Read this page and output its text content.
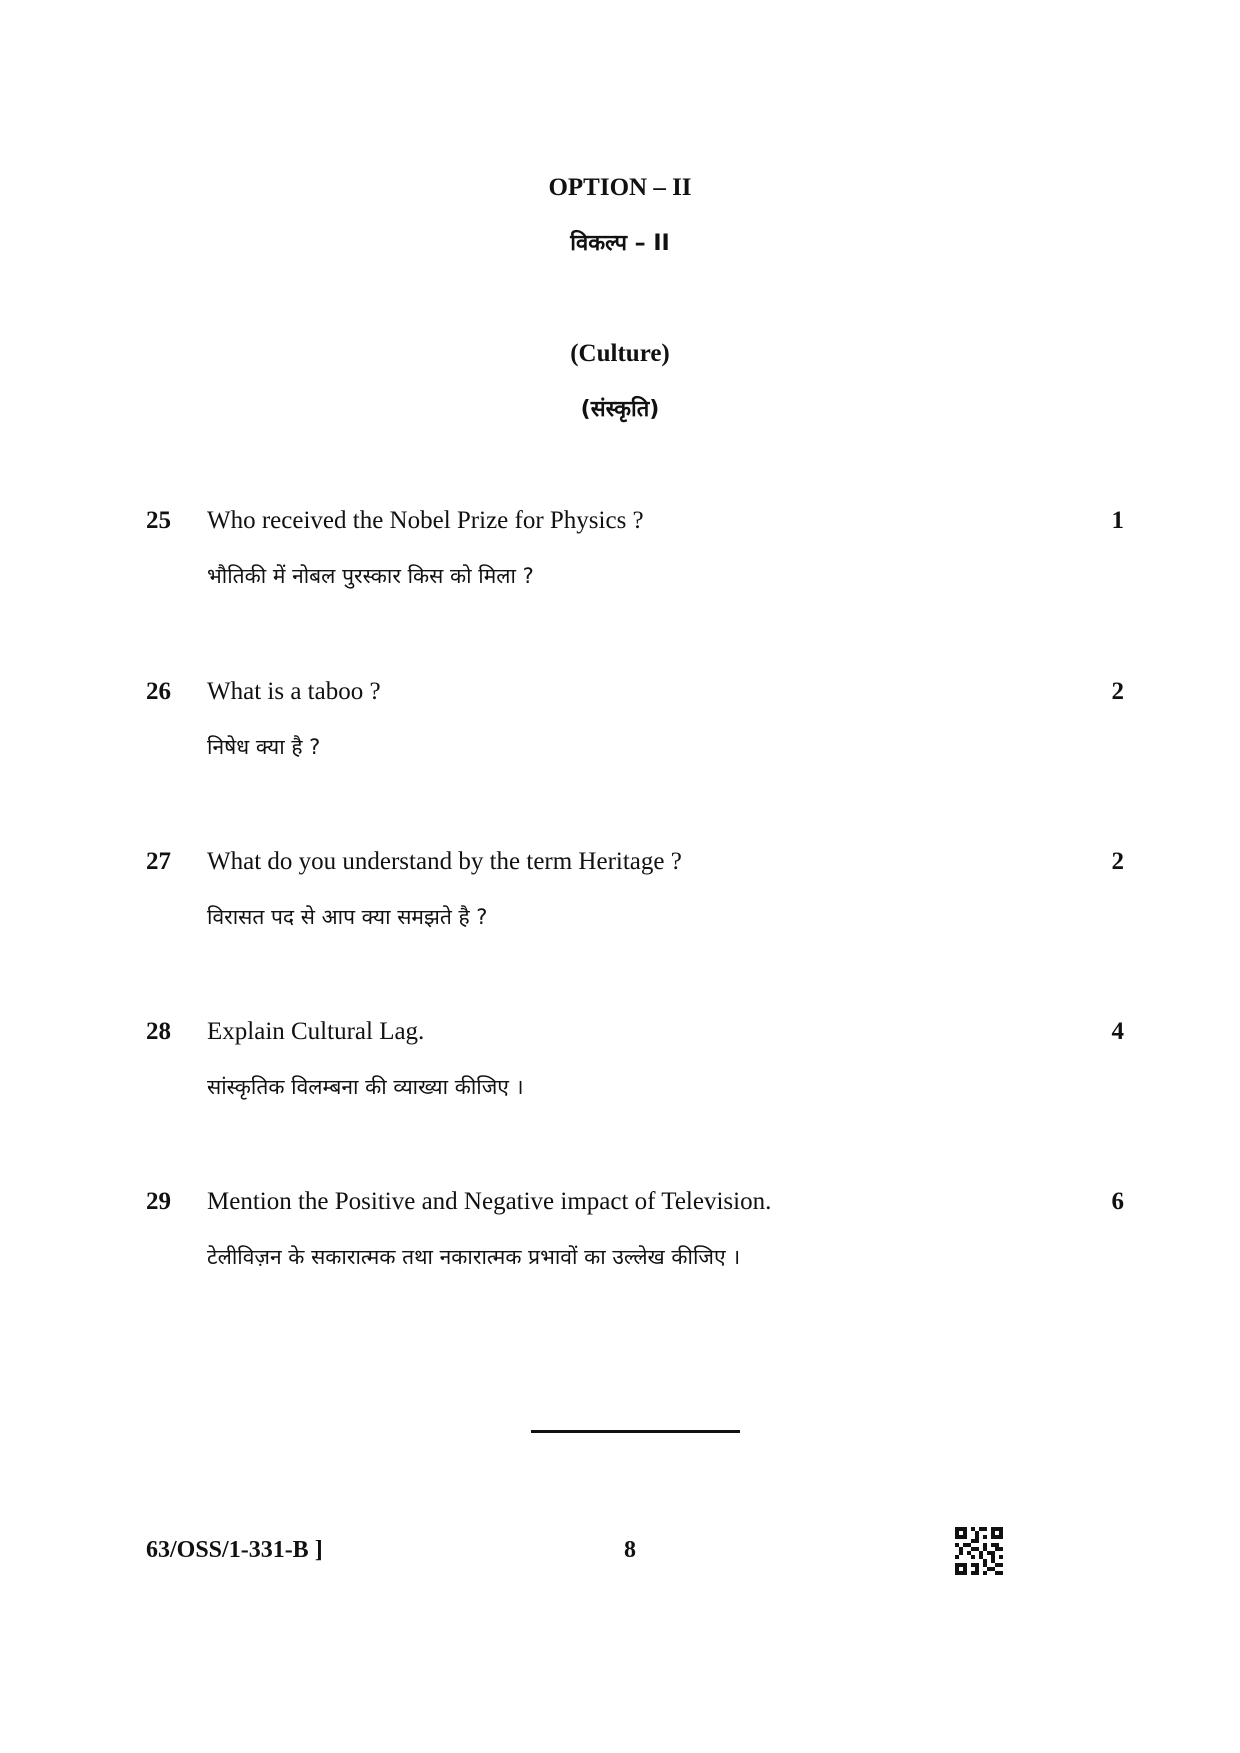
OPTION – II
विकल्प – II
(Culture)
(संस्कृति)
25 Who received the Nobel Prize for Physics ?
भौतिकी में नोबल पुरस्कार किस को मिला ?
1
26 What is a taboo ?
निषेध क्या है ?
2
27 What do you understand by the term Heritage ?
विरासत पद से आप क्या समझते है ?
2
28 Explain Cultural Lag.
सांस्कृतिक विलम्बना की व्याख्या कीजिए ।
4
29 Mention the Positive and Negative impact of Television.
टेलीविज़न के सकारात्मक तथा नकारात्मक प्रभावों का उल्लेख कीजिए ।
6
63/OSS/1-331-B ]	8
